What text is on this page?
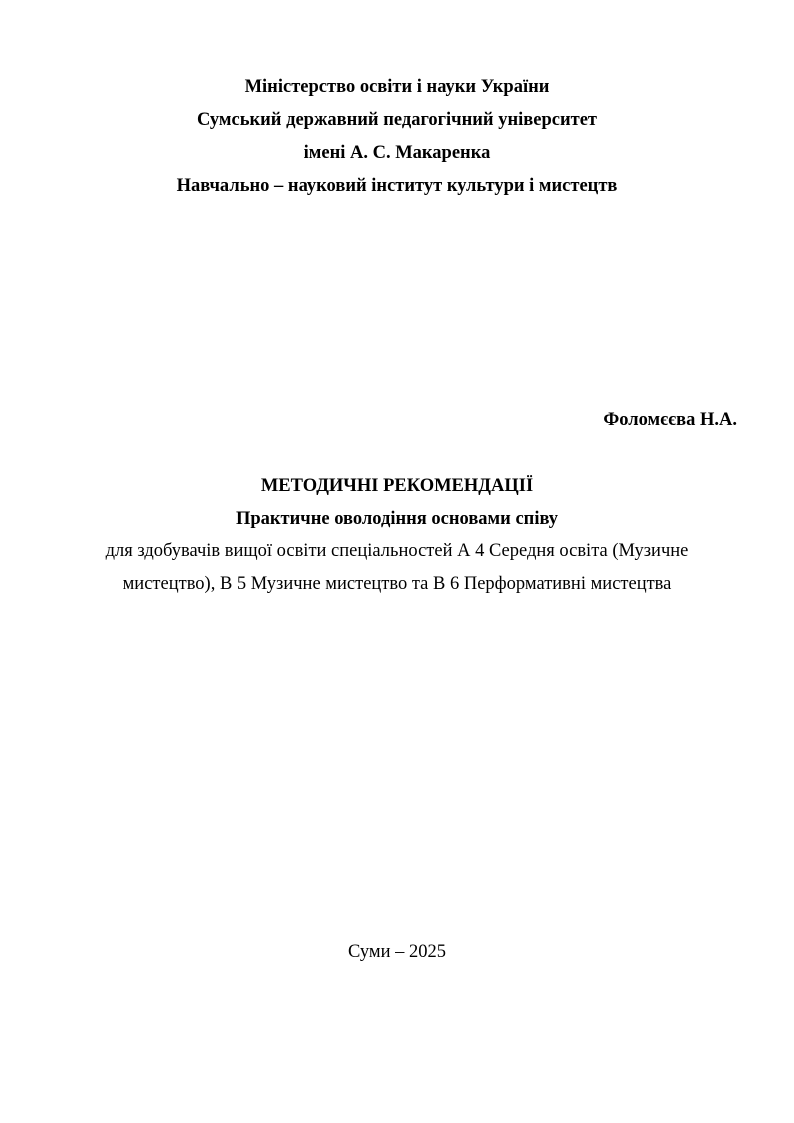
Міністерство освіти і науки України
Сумський державний педагогічний університет
імені А. С. Макаренка
Навчально – науковий інститут культури і мистецтв
Фоломєєва Н.А.
МЕТОДИЧНІ РЕКОМЕНДАЦІЇ
Практичне оволодіння основами співу
для здобувачів вищої освіти спеціальностей А 4 Середня освіта (Музичне
мистецтво), В 5 Музичне мистецтво та В 6 Перформативні мистецтва
Суми – 2025
